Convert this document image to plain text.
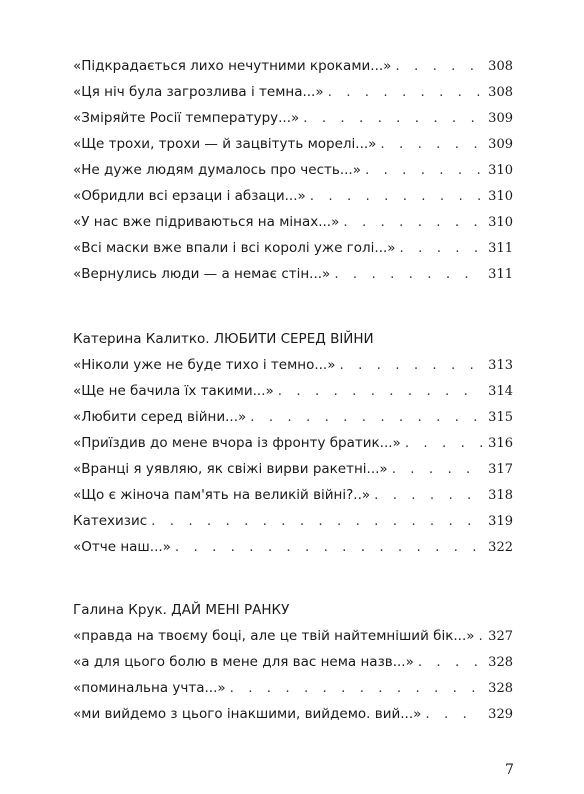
«Підкрадається лихо нечутними кроками...» . . .	308
«Ця ніч була загрозлива і темна...» . . .	308
«Зміряйте Росії температуру...» . . .	309
«Ще трохи, трохи — й зацвітуть морелі...» . . .	309
«Не дуже людям думалось про честь...» . . .	310
«Обридли всі ерзаци і абзаци...» . . .	310
«У нас вже підриваються на мінах...» . . .	310
«Всі маски вже впали і всі королі уже голі...» . . .	311
«Вернулись люди — а немає стін...» . . .	311
Катерина Калитко. ЛЮБИТИ СЕРЕД ВІЙНИ
«Ніколи уже не буде тихо і темно...» . . .	313
«Ще не бачила їх такими...» . . .	314
«Любити серед війни...» . . .	315
«Приїздив до мене вчора із фронту братик...» . . .	316
«Вранці я уявляю, як свіжі вирви ракетні...» . . .	317
«Що є жіноча пам'ять на великій війні?..» . . .	318
Катехизис . . .	319
«Отче наш...» . . .	322
Галина Крук. ДАЙ МЕНІ РАНКУ
«правда на твоєму боці, але це твій найтемніший бік...» . . . 327
«а для цього болю в мене для вас нема назв...» . . .	328
«поминальна учта...» . . .	328
«ми вийдемо з цього інакшими, вийдемо. вий...» . . .	329
7
